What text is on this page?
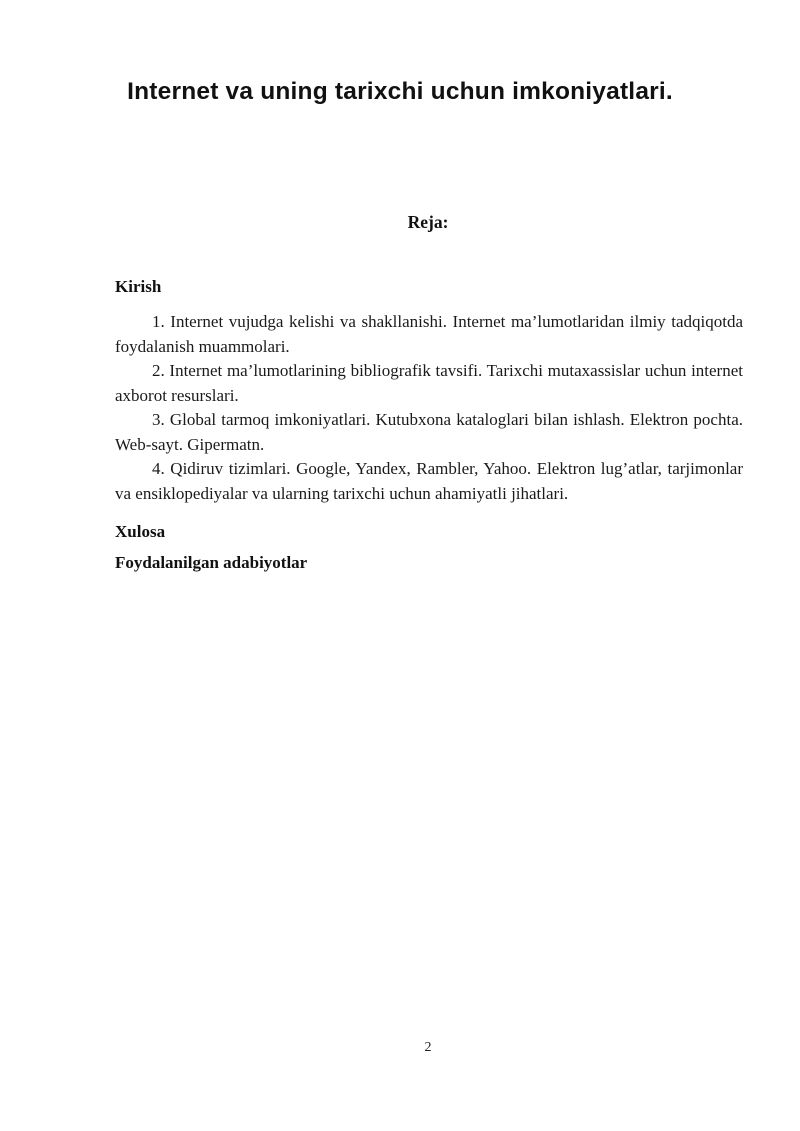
Internet va uning tarixchi uchun imkoniyatlari.
Reja:
Kirish
1. Internet vujudga kelishi va shakllanishi. Internet ma’lumotlaridan ilmiy tadqiqotda foydalanish muammolari.
2. Internet ma’lumotlarining bibliografik tavsifi. Tarixchi mutaxassislar uchun internet axborot resurslari.
3. Global tarmoq imkoniyatlari. Kutubxona kataloglari bilan ishlash. Elektron pochta. Web-sayt. Gipermatn.
4. Qidiruv tizimlari. Google, Yandex, Rambler, Yahoo. Elektron lug’atlar, tarjimonlar va ensiklopediyalar va ularning tarixchi uchun ahamiyatli jihatlari.
Xulosa
Foydalanilgan adabiyotlar
2
